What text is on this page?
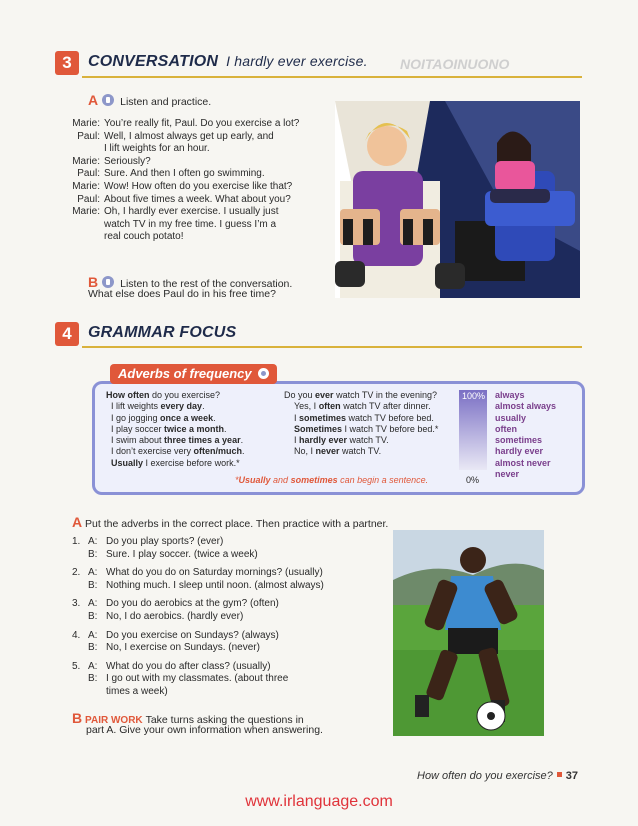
3	CONVERSATION I hardly ever exercise. NOITAOINUONO
A Listen and practice.
Marie: You’re really fit, Paul. Do you exercise a lot?
Paul: Well, I almost always get up early, and
I lift weights for an hour.
Marie: Seriously?
Paul: Sure. And then I often go swimming.
Marie: Wow! How often do you exercise like that?
Paul: About five times a week. What about you?
Marie: Oh, I hardly ever exercise. I usually just
watch TV in my free time. I guess I’m a
real couch potato!
B Listen to the rest of the conversation.
What else does Paul do in his free time?
4	GRAMMAR FOCUS
Adverbs of frequency
How often do you exercise?
I lift weights every day.
I go jogging once a week.
I play soccer twice a month.
I swim about three times a year.
I don’t exercise very often/much.
Usually I exercise before work.*
Do you ever watch TV in the evening?
Yes, I often watch TV after dinner.
I sometimes watch TV before bed.
Sometimes I watch TV before bed.*
I hardly ever watch TV.
No, I never watch TV.
*Usually and sometimes can begin a sentence.
100%
0%
always
almost always
usually
often
sometimes
hardly ever
almost never
never
A Put the adverbs in the correct place. Then practice with a partner.
1. A: Do you play sports? (ever)
B: Sure. I play soccer. (twice a week)
2. A: What do you do on Saturday mornings? (usually)
B: Nothing much. I sleep until noon. (almost always)
3. A: Do you do aerobics at the gym? (often)
B: No, I do aerobics. (hardly ever)
4. A: Do you exercise on Sundays? (always)
B: No, I exercise on Sundays. (never)
5. A: What do you do after class? (usually)
B: I go out with my classmates. (about three
times a week)
B PAIR WORK Take turns asking the questions in
part A. Give your own information when answering.
How often do you exercise? 37
www.irlanguage.com
